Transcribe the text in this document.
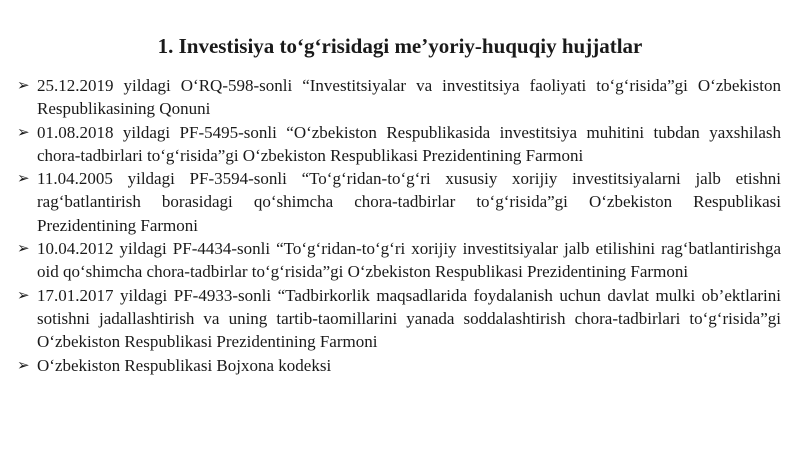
1. Investisiya to‘g‘risidagi me’yoriy-huquqiy hujjatlar
➢ 25.12.2019 yildagi O‘RQ-598-sonli “Investitsiyalar va investitsiya faoliyati to‘g‘risida”gi O‘zbekiston Respublikasining Qonuni
➢ 01.08.2018 yildagi PF-5495-sonli “O‘zbekiston Respublikasida investitsiya muhitini tubdan yaxshilash chora-tadbirlari to‘g‘risida”gi O‘zbekiston Respublikasi Prezidentining Farmoni
➢ 11.04.2005 yildagi PF-3594-sonli “To‘g‘ridan-to‘g‘ri xususiy xorijiy investitsiyalarni jalb etishni rag‘batlantirish borasidagi qo‘shimcha chora-tadbirlar to‘g‘risida”gi O‘zbekiston Respublikasi Prezidentining Farmoni
➢ 10.04.2012 yildagi PF-4434-sonli “To‘g‘ridan-to‘g‘ri xorijiy investitsiyalar jalb etilishini rag‘batlantirishga oid qo‘shimcha chora-tadbirlar to‘g‘risida”gi O‘zbekiston Respublikasi Prezidentining Farmoni
➢ 17.01.2017 yildagi PF-4933-sonli “Tadbirkorlik maqsadlarida foydalanish uchun davlat mulki ob’ektlarini sotishni jadallashtirish va uning tartib-taomillarini yanada soddalashtirish chora-tadbirlari to‘g‘risida”gi O‘zbekiston Respublikasi Prezidentining Farmoni
➢ O‘zbekiston Respublikasi Bojxona kodeksi
